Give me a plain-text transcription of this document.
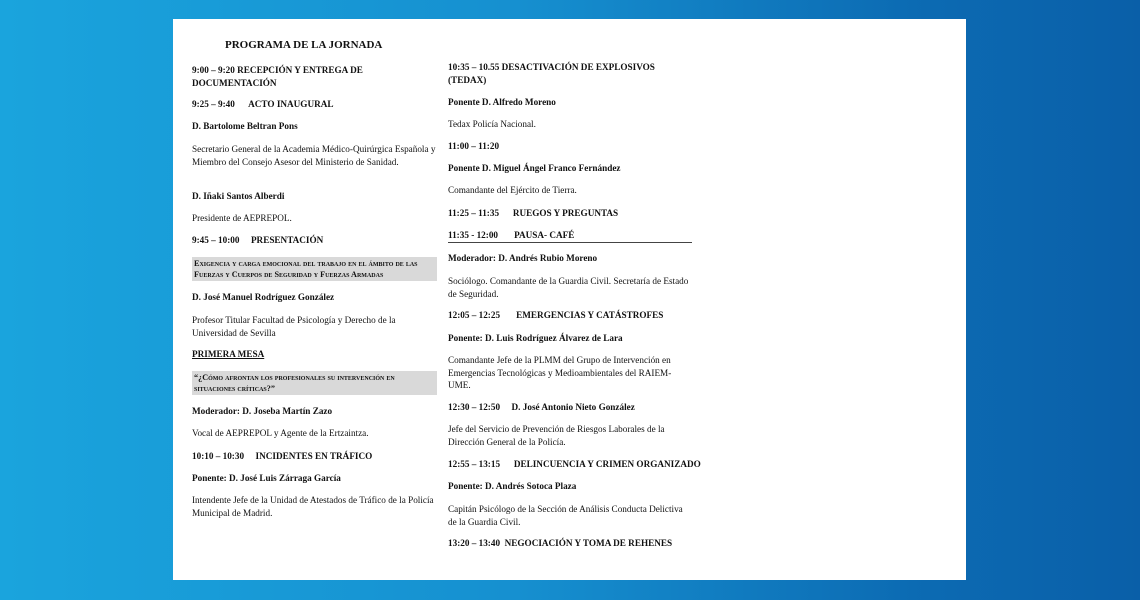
PROGRAMA DE LA JORNADA

9:00 – 9:20 RECEPCIÓN Y ENTREGA DE DOCUMENTACIÓN

9:25 – 9:40      ACTO INAUGURAL

D. Bartolome Beltran Pons

Secretario General de la Academia Médico-Quirúrgica Española y Miembro del Consejo Asesor del Ministerio de Sanidad.

D. Iñaki Santos Alberdi

Presidente de AEPREPOL.

9:45 – 10:00     PRESENTACIÓN

Exigencia y carga emocional del trabajo en el ámbito de las Fuerzas y Cuerpos de Seguridad y Fuerzas Armadas

D. José Manuel Rodríguez González

Profesor Titular Facultad de Psicología y Derecho de la Universidad de Sevilla

PRIMERA MESA

“¿Cómo afrontan los profesionales su intervención en situaciones críticas?”

Moderador: D. Joseba Martín Zazo

Vocal de AEPREPOL y Agente de la Ertzaintza.

10:10 – 10:30     INCIDENTES EN TRÁFICO

Ponente: D. José Luis Zárraga García

Intendente Jefe de la Unidad de Atestados de Tráfico de la Policía Municipal de Madrid.

10:35 – 10.55 DESACTIVACIÓN DE EXPLOSIVOS (TEDAX)

Ponente D. Alfredo Moreno

Tedax Policía Nacional.

11:00 – 11:20

Ponente D. Miguel Ángel Franco Fernández

Comandante del Ejército de Tierra.

11:25 – 11:35      RUEGOS Y PREGUNTAS

11:35 - 12:00       PAUSA- CAFÉ

Moderador: D. Andrés Rubio Moreno

Sociólogo. Comandante de la Guardia Civil. Secretaría de Estado de Seguridad.

12:05 – 12:25       EMERGENCIAS Y CATÁSTROFES

Ponente: D. Luis Rodríguez Álvarez de Lara

Comandante Jefe de la PLMM del Grupo de Intervención en Emergencias Tecnológicas y Medioambientales del RAIEM-UME.

12:30 – 12:50     D. José Antonio Nieto González

Jefe del Servicio de Prevención de Riesgos Laborales de la Dirección General de la Policía.

12:55 – 13:15      DELINCUENCIA Y CRIMEN ORGANIZADO

Ponente: D. Andrés Sotoca Plaza

Capitán Psicólogo de la Sección de Análisis Conducta Delictiva de la Guardia Civil.

13:20 – 13:40  NEGOCIACIÓN Y TOMA DE REHENES
